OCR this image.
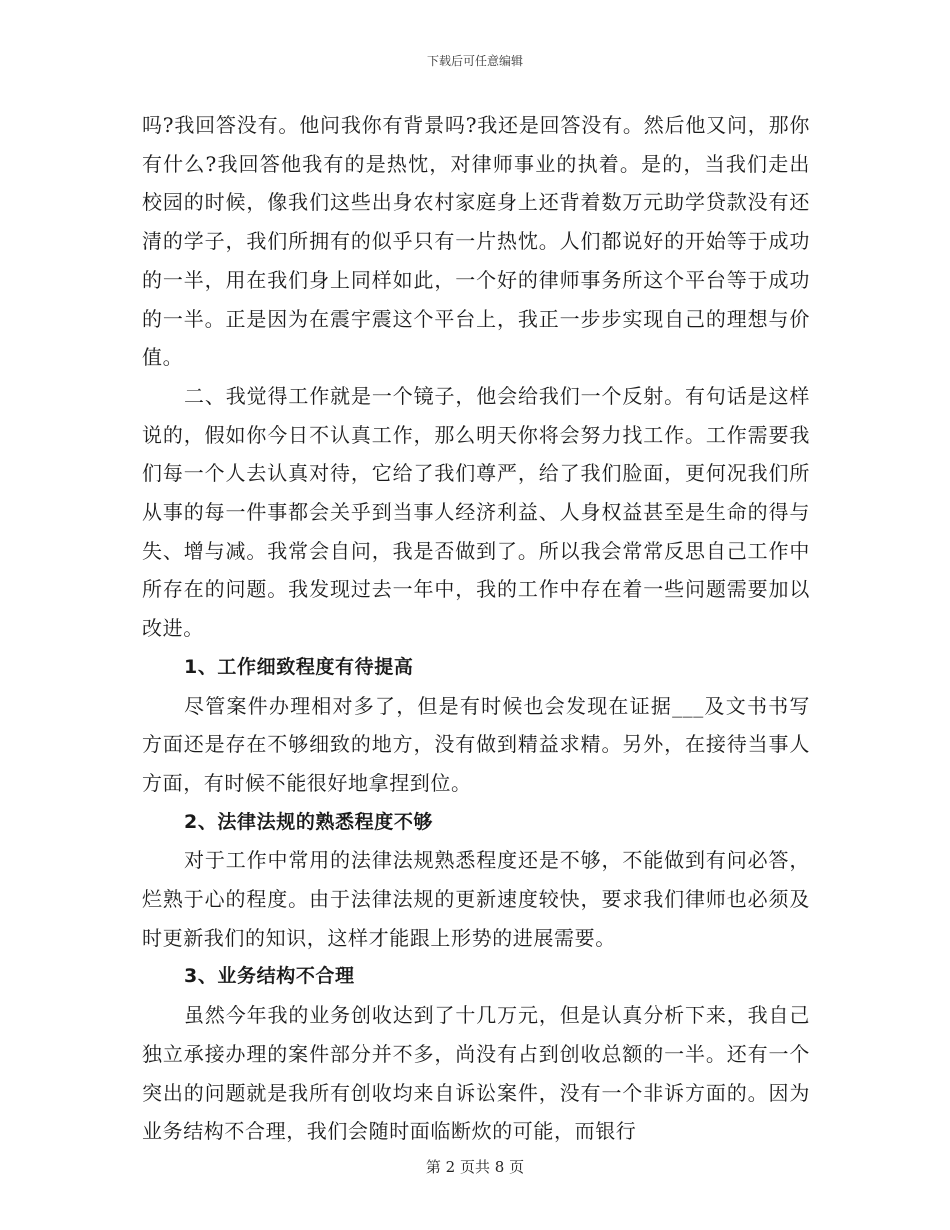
下载后可任意编辑

吗?我回答没有。他问我你有背景吗?我还是回答没有。然后他又问，那你有什么?我回答他我有的是热忱，对律师事业的执着。是的，当我们走出校园的时候，像我们这些出身农村家庭身上还背着数万元助学贷款没有还清的学子，我们所拥有的似乎只有一片热忱。人们都说好的开始等于成功的一半，用在我们身上同样如此，一个好的律师事务所这个平台等于成功的一半。正是因为在震宇震这个平台上，我正一步步实现自己的理想与价值。

二、我觉得工作就是一个镜子，他会给我们一个反射。有句话是这样说的，假如你今日不认真工作，那么明天你将会努力找工作。工作需要我们每一个人去认真对待，它给了我们尊严，给了我们脸面，更何况我们所从事的每一件事都会关乎到当事人经济利益、人身权益甚至是生命的得与失、增与减。我常会自问，我是否做到了。所以我会常常反思自己工作中所存在的问题。我发现过去一年中，我的工作中存在着一些问题需要加以改进。

1、工作细致程度有待提高

尽管案件办理相对多了，但是有时候也会发现在证据___及文书书写方面还是存在不够细致的地方，没有做到精益求精。另外，在接待当事人方面，有时候不能很好地拿捏到位。

2、法律法规的熟悉程度不够

对于工作中常用的法律法规熟悉程度还是不够，不能做到有问必答，烂熟于心的程度。由于法律法规的更新速度较快，要求我们律师也必须及时更新我们的知识，这样才能跟上形势的进展需要。

3、业务结构不合理

虽然今年我的业务创收达到了十几万元，但是认真分析下来，我自己独立承接办理的案件部分并不多，尚没有占到创收总额的一半。还有一个突出的问题就是我所有创收均来自诉讼案件，没有一个非诉方面的。因为业务结构不合理，我们会随时面临断炊的可能，而银行

第 2 页共 8 页
